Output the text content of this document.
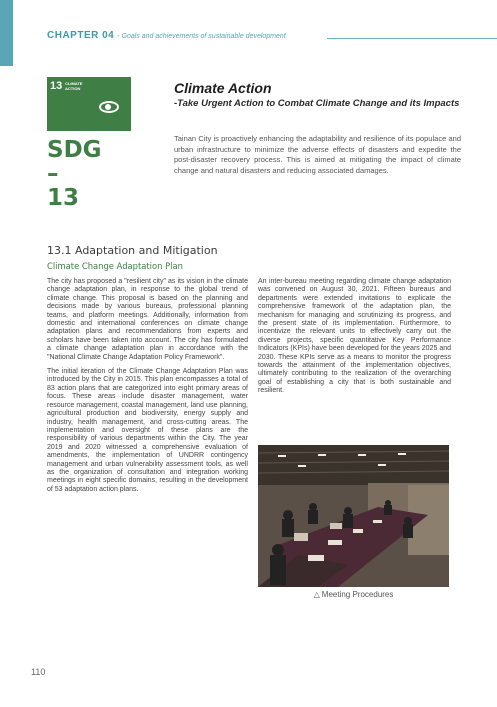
CHAPTER 04 - Goals and achievements of sustainable development
13 CLIMATE
ACTION
SDG
–
13
Climate Action
-Take Urgent Action to Combat Climate Change and its Impacts
Tainan City is proactively enhancing the adaptability and resilience of its populace and urban infrastructure to minimize the adverse effects of disasters and expedite the post-disaster recovery process. This is aimed at mitigating the impact of climate change and natural disasters and reducing associated damages.
13.1 Adaptation and Mitigation
Climate Change Adaptation Plan

The city has proposed a "resilient city" as its vision in the climate change adaptation plan, in response to the global trend of climate change. This proposal is based on the planning and decisions made by various bureaus, professional planning teams, and platform meetings. Additionally, information from domestic and international conferences on climate change adaptation plans and recommendations from experts and scholars have been taken into account. The city has formulated a climate change adaptation plan in accordance with the "National Climate Change Adaptation Policy Framework".

The initial iteration of the Climate Change Adaptation Plan was introduced by the City in 2015. This plan encompasses a total of 83 action plans that are categorized into eight primary areas of focus. These areas include disaster management, water resource management, coastal management, land use planning, agricultural production and biodiversity, energy supply and industry, health management, and cross-cutting areas. The implementation and oversight of these plans are the responsibility of various departments within the City. The year 2019 and 2020 witnessed a comprehensive evaluation of amendments, the implementation of UNDRR contingency management and urban vulnerability assessment tools, as well as the organization of consultation and integration working meetings in eight specific domains, resulting in the development of 53 adaptation action plans.

An inter-bureau meeting regarding climate change adaptation was convened on August 30, 2021. Fifteen bureaus and departments were extended invitations to explicate the comprehensive framework of the adaptation plan, the mechanism for managing and scrutinizing its progress, and the present state of its implementation. Furthermore, to incentivize the relevant units to effectively carry out the diverse projects, specific quantitative Key Performance Indicators (KPIs) have been developed for the years 2025 and 2030. These KPIs serve as a means to monitor the progress towards the attainment of the implementation objectives, ultimately contributing to the realization of the overarching goal of establishing a city that is both sustainable and resilient.

△ Meeting Procedures
110
